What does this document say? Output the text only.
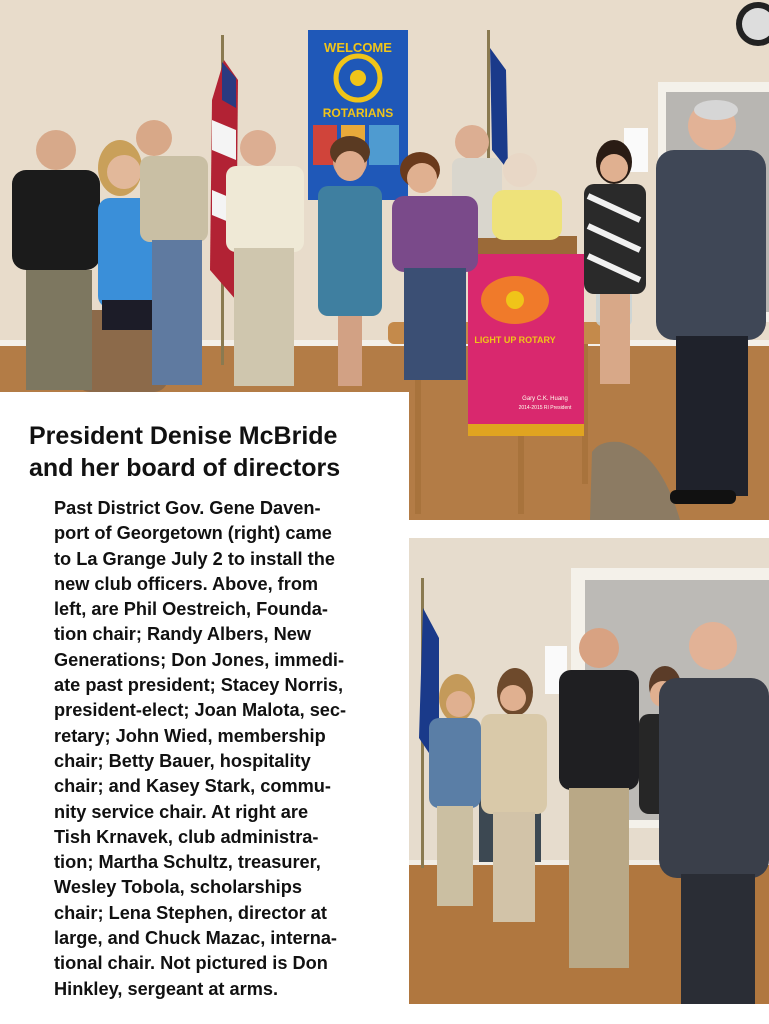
WELCOME
ROTARIANS
LIGHT UP ROTARY
Gary C.K. Huang
2014-2015 RI President
President Denise McBride
and her board of directors
Past District Gov. Gene Daven-
port of Georgetown (right) came
to La Grange July 2 to install the
new club officers. Above, from
left, are Phil Oestreich, Founda-
tion chair; Randy Albers, New
Generations; Don Jones, immedi-
ate past president; Stacey Norris,
president-elect; Joan Malota, sec-
retary; John Wied, membership
chair; Betty Bauer, hospitality
chair; and Kasey Stark, commu-
nity service chair. At right are
Tish Krnavek, club administra-
tion; Martha Schultz, treasurer,
Wesley Tobola, scholarships
chair; Lena Stephen, director at
large, and Chuck Mazac, interna-
tional chair. Not pictured is Don
Hinkley, sergeant at arms.
